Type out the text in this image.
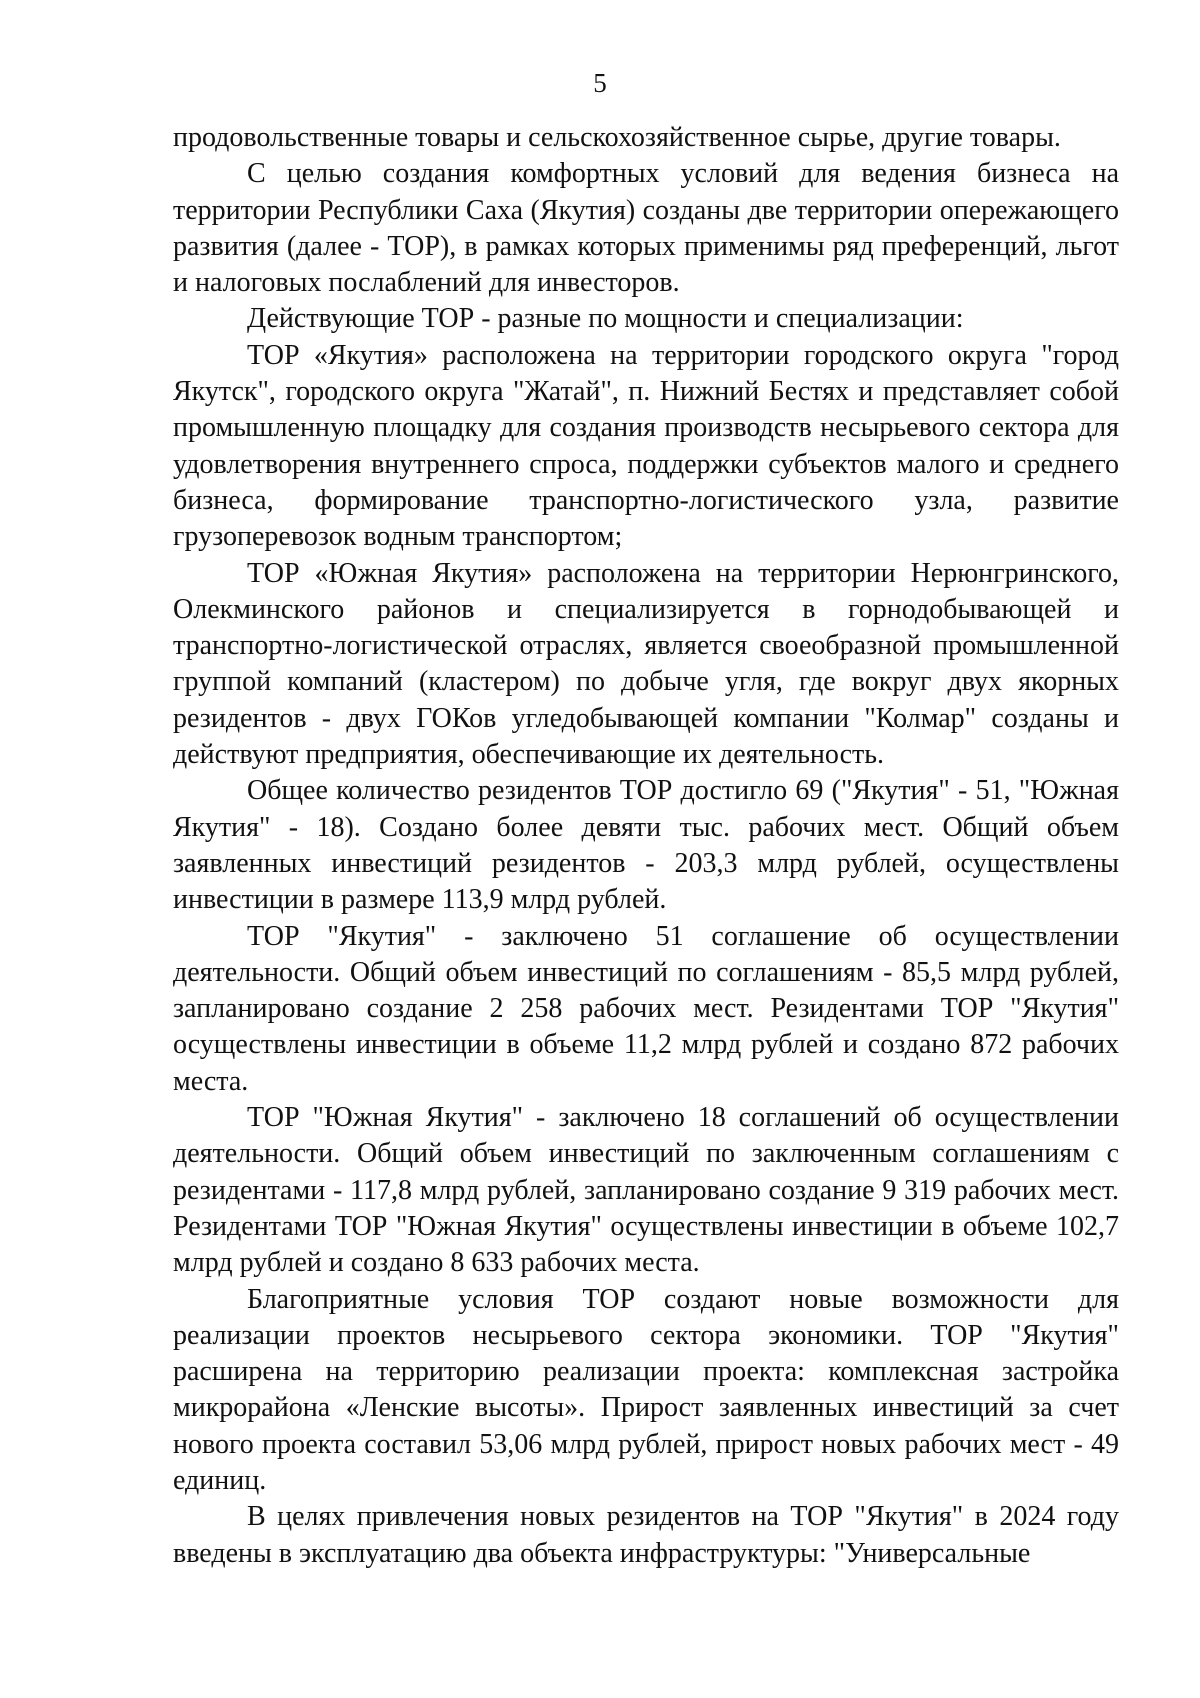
5

продовольственные товары и сельскохозяйственное сырье, другие товары.

С целью создания комфортных условий для ведения бизнеса на территории Республики Саха (Якутия) созданы две территории опережающего развития (далее - ТОР), в рамках которых применимы ряд преференций, льгот и налоговых послаблений для инвесторов.

Действующие ТОР - разные по мощности и специализации:

ТОР «Якутия» расположена на территории городского округа "город Якутск", городского округа "Жатай", п. Нижний Бестях и представляет собой промышленную площадку для создания производств несырьевого сектора для удовлетворения внутреннего спроса, поддержки субъектов малого и среднего бизнеса, формирование транспортно-логистического узла, развитие грузоперевозок водным транспортом;

ТОР «Южная Якутия» расположена на территории Нерюнгринского, Олекминского районов и специализируется в горнодобывающей и транспортно-логистической отраслях, является своеобразной промышленной группой компаний (кластером) по добыче угля, где вокруг двух якорных резидентов - двух ГОКов угледобывающей компании "Колмар" созданы и действуют предприятия, обеспечивающие их деятельность.

Общее количество резидентов ТОР достигло 69 ("Якутия" - 51, "Южная Якутия" - 18). Создано более девяти тыс. рабочих мест. Общий объем заявленных инвестиций резидентов - 203,3 млрд рублей, осуществлены инвестиции в размере 113,9 млрд рублей.

ТОР "Якутия" - заключено 51 соглашение об осуществлении деятельности. Общий объем инвестиций по соглашениям - 85,5 млрд рублей, запланировано создание 2 258 рабочих мест. Резидентами ТОР "Якутия" осуществлены инвестиции в объеме 11,2 млрд рублей и создано 872 рабочих места.

ТОР "Южная Якутия" - заключено 18 соглашений об осуществлении деятельности. Общий объем инвестиций по заключенным соглашениям с резидентами - 117,8 млрд рублей, запланировано создание 9 319 рабочих мест. Резидентами ТОР "Южная Якутия" осуществлены инвестиции в объеме 102,7 млрд рублей и создано 8 633 рабочих места.

Благоприятные условия ТОР создают новые возможности для реализации проектов несырьевого сектора экономики. ТОР "Якутия" расширена на территорию реализации проекта: комплексная застройка микрорайона «Ленские высоты». Прирост заявленных инвестиций за счет нового проекта составил 53,06 млрд рублей, прирост новых рабочих мест - 49 единиц.

В целях привлечения новых резидентов на ТОР "Якутия" в 2024 году введены в эксплуатацию два объекта инфраструктуры: "Универсальные
